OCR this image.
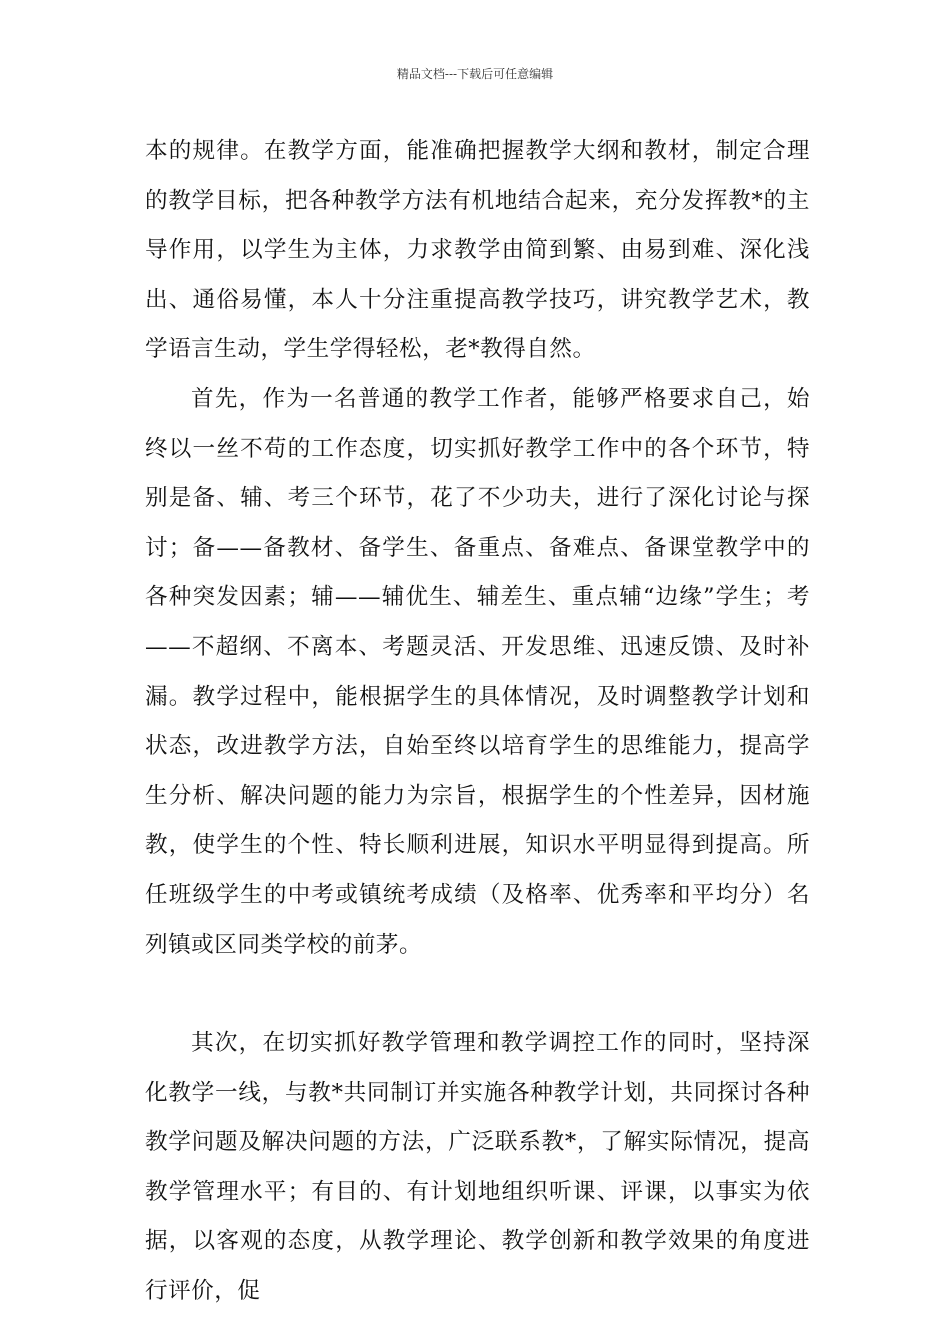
精品文档---下载后可任意编辑

本的规律。在教学方面，能准确把握教学大纲和教材，制定合理的教学目标，把各种教学方法有机地结合起来，充分发挥教*的主导作用，以学生为主体，力求教学由简到繁、由易到难、深化浅出、通俗易懂，本人十分注重提高教学技巧，讲究教学艺术，教学语言生动，学生学得轻松，老*教得自然。

首先，作为一名普通的教学工作者，能够严格要求自己，始终以一丝不苟的工作态度，切实抓好教学工作中的各个环节，特别是备、辅、考三个环节，花了不少功夫，进行了深化讨论与探讨；备——备教材、备学生、备重点、备难点、备课堂教学中的各种突发因素；辅——辅优生、辅差生、重点辅“边缘”学生；考——不超纲、不离本、考题灵活、开发思维、迅速反馈、及时补漏。教学过程中，能根据学生的具体情况，及时调整教学计划和状态，改进教学方法，自始至终以培育学生的思维能力，提高学生分析、解决问题的能力为宗旨，根据学生的个性差异，因材施教，使学生的个性、特长顺利进展，知识水平明显得到提高。所任班级学生的中考或镇统考成绩（及格率、优秀率和平均分）名列镇或区同类学校的前茅。

其次，在切实抓好教学管理和教学调控工作的同时，坚持深化教学一线，与教*共同制订并实施各种教学计划，共同探讨各种教学问题及解决问题的方法，广泛联系教*，了解实际情况，提高教学管理水平；有目的、有计划地组织听课、评课，以事实为依据，以客观的态度，从教学理论、教学创新和教学效果的角度进行评价，促
